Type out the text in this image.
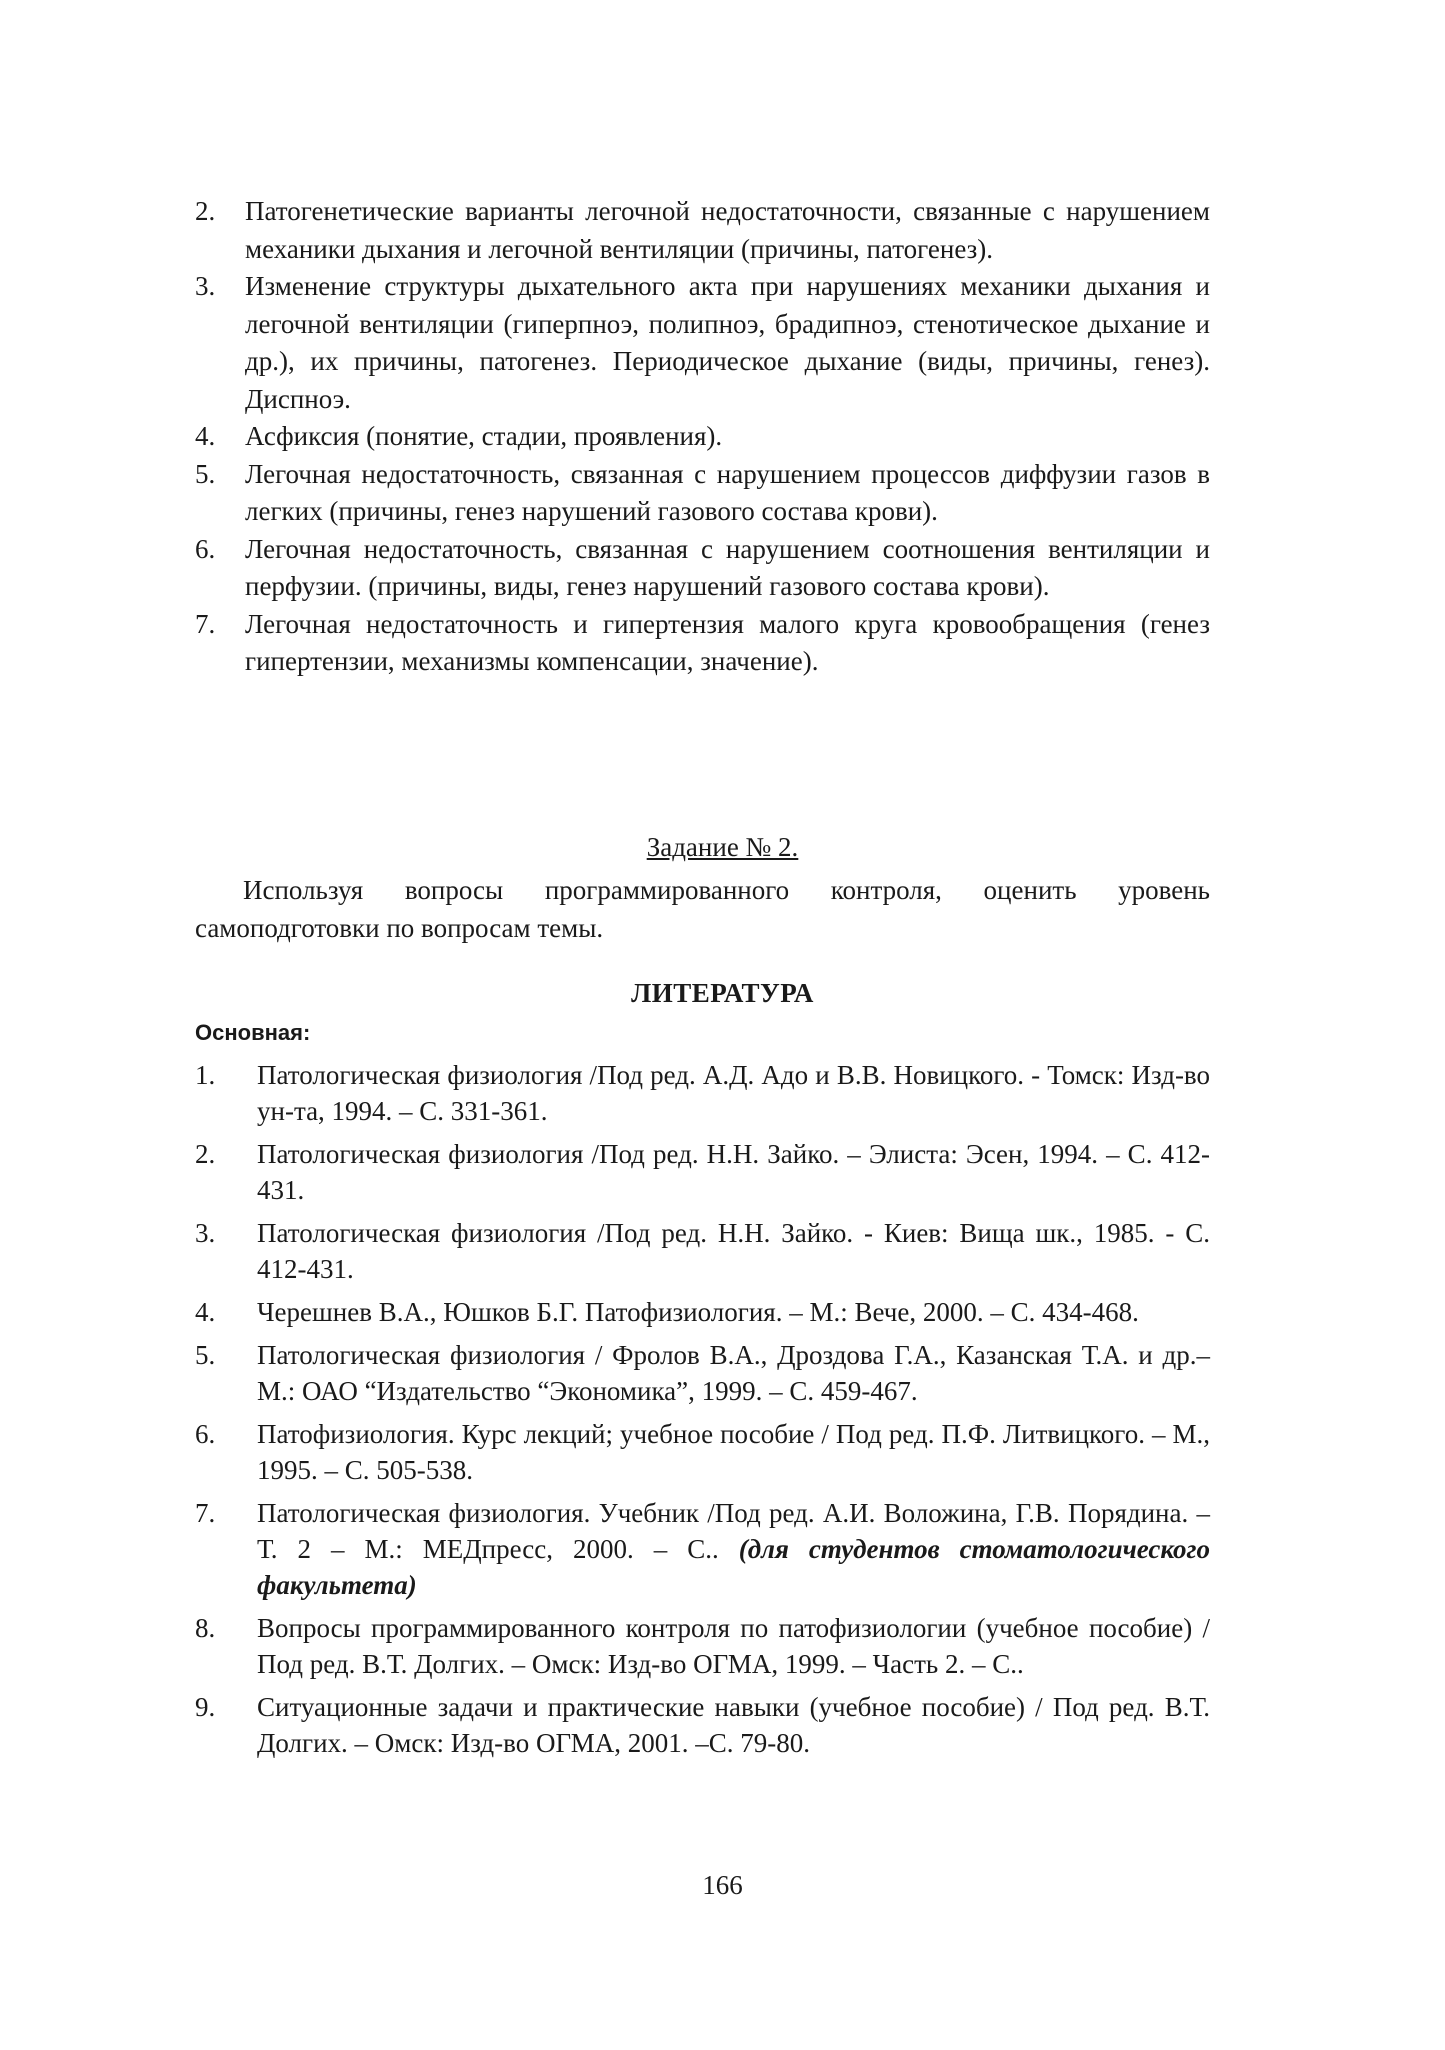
2. Патогенетические варианты легочной недостаточности, связанные с нарушением механики дыхания и легочной вентиляции (причины, патогенез).
3. Изменение структуры дыхательного акта при нарушениях механики дыхания и легочной вентиляции (гиперпноэ, полипноэ, брадипноэ, стенотическое дыхание и др.), их причины, патогенез. Периодическое дыхание (виды, причины, генез). Диспноэ.
4. Асфиксия (понятие, стадии, проявления).
5. Легочная недостаточность, связанная с нарушением процессов диффузии газов в легких (причины, генез нарушений газового состава крови).
6. Легочная недостаточность, связанная с нарушением соотношения вентиляции и перфузии. (причины, виды, генез нарушений газового состава крови).
7. Легочная недостаточность и гипертензия малого круга кровообращения (генез гипертензии, механизмы компенсации, значение).
Задание № 2.

Используя вопросы программированного контроля, оценить уровень самоподготовки по вопросам темы.

ЛИТЕРАТУРА
Основная:
1. Патологическая физиология /Под ред. А.Д. Адо и В.В. Новицкого. - Томск: Изд-во ун-та, 1994. – С. 331-361.
2. Патологическая физиология /Под ред. Н.Н. Зайко. – Элиста: Эсен, 1994. – С. 412-431.
3. Патологическая физиология /Под ред. Н.Н. Зайко. - Киев: Вища шк., 1985. - С. 412-431.
4. Черешнев В.А., Юшков Б.Г. Патофизиология. – М.: Вече, 2000. – С. 434-468.
5. Патологическая физиология / Фролов В.А., Дроздова Г.А., Казанская Т.А. и др.– М.: ОАО “Издательство “Экономика”, 1999. – С. 459-467.
6. Патофизиология. Курс лекций; учебное пособие / Под ред. П.Ф. Литвицкого. – М., 1995. – С. 505-538.
7. Патологическая физиология. Учебник /Под ред. А.И. Воложина, Г.В. Порядина. – Т. 2 – М.: МЕДпресс, 2000. – С.. (для студентов стоматологического факультета)
8. Вопросы программированного контроля по патофизиологии (учебное пособие) / Под ред. В.Т. Долгих. – Омск: Изд-во ОГМА, 1999. – Часть 2. – С..
9. Ситуационные задачи и практические навыки (учебное пособие) / Под ред. В.Т. Долгих. – Омск: Изд-во ОГМА, 2001. –С. 79-80.
166
